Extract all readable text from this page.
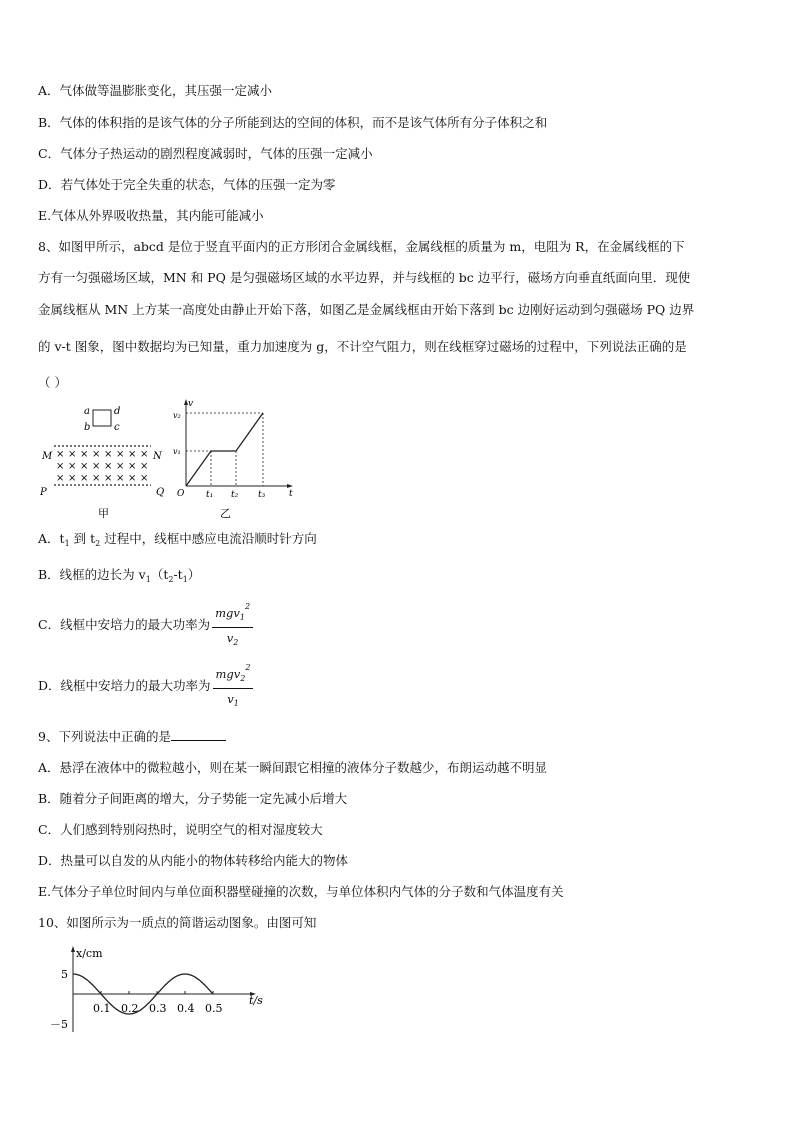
A．气体做等温膨胀变化，其压强一定减小
B．气体的体积指的是该气体的分子所能到达的空间的体积，而不是该气体所有分子体积之和
C．气体分子热运动的剧烈程度减弱时，气体的压强一定减小
D．若气体处于完全失重的状态，气体的压强一定为零
E.气体从外界吸收热量，其内能可能减小
8、如图甲所示，abcd 是位于竖直平面内的正方形闭合金属线框，金属线框的质量为 m，电阻为 R，在金属线框的下
方有一匀强磁场区域，MN 和 PQ 是匀强磁场区域的水平边界，并与线框的 bc 边平行，磁场方向垂直纸面向里．现使
金属线框从 MN 上方某一高度处由静止开始下落，如图乙是金属线框由开始下落到 bc 边刚好运动到匀强磁场 PQ 边界
的 v-t 图象，图中数据均为已知量，重力加速度为 g，不计空气阻力，则在线框穿过磁场的过程中，下列说法正确的是
（ ）
a d
b c
M	N
P	Q
× × × × × × × ×
× × × × × × × ×
× × × × × × × ×
甲
v
t
O
v₂
v₁
t₁ t₂ t₃
乙
A．$t_1$ 到 $t_2$ 过程中，线框中感应电流沿顺时针方向
B．线框的边长为 $v_1(t_2-t_1)$
C．线框中安培力的最大功率为 $\frac{mgv_1^2}{v_2}$
D．线框中安培力的最大功率为 $\frac{mgv_2^2}{v_1}$
9、下列说法中正确的是
A．悬浮在液体中的微粒越小，则在某一瞬间跟它相撞的液体分子数越少，布朗运动越不明显
B．随着分子间距离的增大，分子势能一定先减小后增大
C．人们感到特别闷热时，说明空气的相对湿度较大
D．热量可以自发的从内能小的物体转移给内能大的物体
E.气体分子单位时间内与单位面积器壁碰撞的次数，与单位体积内气体的分子数和气体温度有关
10、如图所示为一质点的简谐运动图象。由图可知
x/cm
t/s
5
－5
0.1 0.2 0.3 0.4 0.5
